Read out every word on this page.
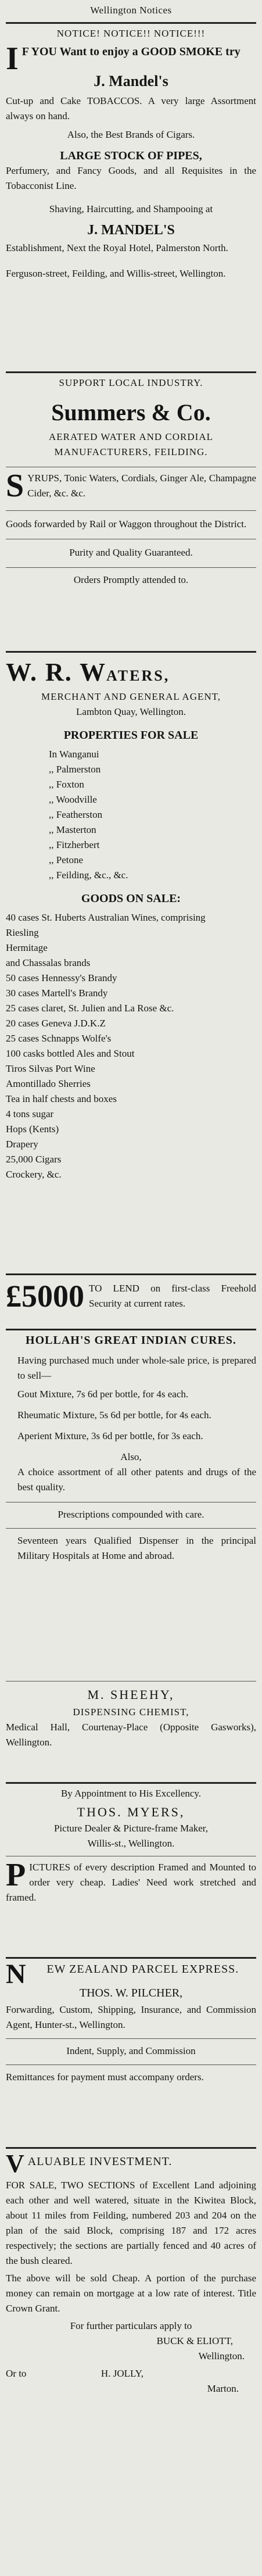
Wellington Notices

NOTICE! NOTICE!! NOTICE!!!

I F YOU Want to enjoy a GOOD SMOKE try

J. Mandel's

Cut-up and Cake TOBACCOS. A very large Assortment always on hand.

Also, the Best Brands of Cigars.

LARGE STOCK OF PIPES,

Perfumery, and Fancy Goods, and all Requisites in the Tobacconist Line.

Shaving, Haircutting, and Shampooing at

J. MANDEL'S

Establishment, Next the Royal Hotel, Palmerston North.

Ferguson-street, Feilding, and Willis-street, Wellington.

SUPPORT LOCAL INDUSTRY.

Summers & Co.

AERATED WATER AND CORDIAL MANUFACTURERS, FEILDING.

S YRUPS, Tonic Waters, Cordials, Ginger Ale, Champagne Cider, &c. &c.

Goods forwarded by Rail or Waggon throughout the District.

Purity and Quality Guaranteed.

Orders Promptly attended to.

W. R. WATERS,

MERCHANT AND GENERAL AGENT,

Lambton Quay, Wellington.

PROPERTIES FOR SALE

In Wanganui

,, Palmerston

,, Foxton

,, Woodville

,, Featherston

,, Masterton

,, Fitzherbert

,, Petone

,, Feilding, &c., &c.

GOODS ON SALE:

40 cases St. Huberts Australian Wines, comprising

Riesling

Hermitage

and Chassalas brands

50 cases Hennessy's Brandy

30 cases Martell's Brandy

25 cases claret, St. Julien and La Rose &c.

20 cases Geneva J.D.K.Z

25 cases Schnapps Wolfe's

100 casks bottled Ales and Stout

Tiros Silvas Port Wine

Amontillado Sherries

Tea in half chests and boxes

4 tons sugar

Hops (Kents)

Drapery

25,000 Cigars

Crockery, &c.

£5000 TO LEND on first-class Freehold Security at current rates.

HOLLAH'S GREAT INDIAN CURES.

Having purchased much under whole-sale price, is prepared to sell—

Gout Mixture, 7s 6d per bottle, for 4s each.

Rheumatic Mixture, 5s 6d per bottle, for 4s each.

Aperient Mixture, 3s 6d per bottle, for 3s each.

Also,

A choice assortment of all other patents and drugs of the best quality.

Prescriptions compounded with care.

Seventeen years Qualified Dispenser in the principal Military Hospitals at Home and abroad.

M. SHEEHY,

DISPENSING CHEMIST,

Medical Hall, Courtenay-Place (Opposite Gasworks), Wellington.

By Appointment to His Excellency.

THOS. MYERS,

Picture Dealer & Picture-frame Maker,

Willis-st., Wellington.

P ICTURES of every description Framed and Mounted to order very cheap. Ladies' Need work stretched and framed.

N	EW ZEALAND PARCEL EXPRESS.

THOS. W. PILCHER,

Forwarding, Custom, Shipping, Insurance, and Commission Agent, Hunter-st., Wellington.

Indent, Supply, and Commission

Remittances for payment must accompany orders.

V ALUABLE INVESTMENT.

FOR SALE, TWO SECTIONS of Excellent Land adjoining each other and well watered, situate in the Kiwitea Block, about 11 miles from Feilding, numbered 203 and 204 on the plan of the said Block, comprising 187 and 172 acres respectively; the sections are partially fenced and 40 acres of the bush cleared.

The above will be sold Cheap. A portion of the purchase money can remain on mortgage at a low rate of interest. Title Crown Grant.

For further particulars apply to

BUCK & ELIOTT,

Wellington.

Or to	H. JOLLY,

Marton.
